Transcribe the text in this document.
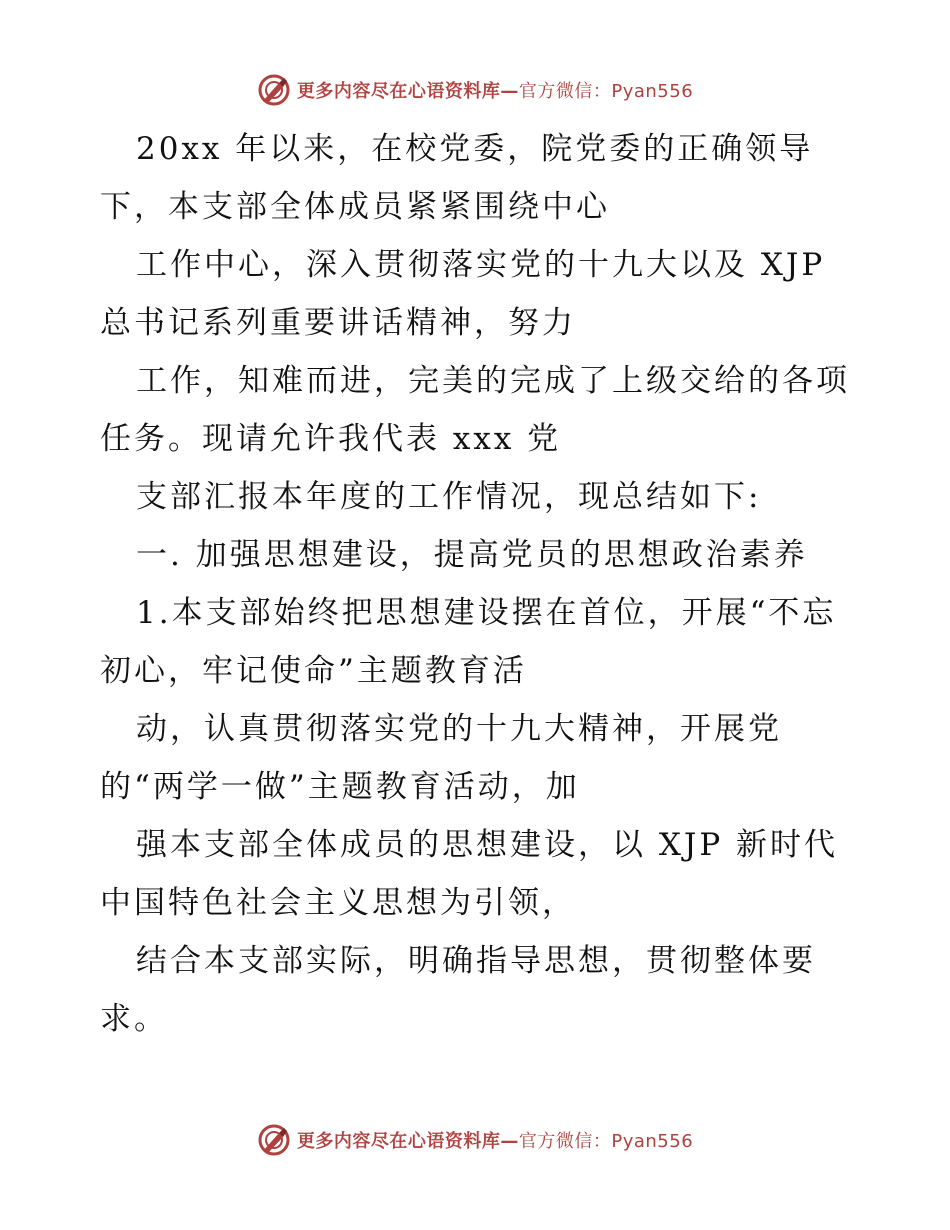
更多内容尽在心语资料库—官方微信：Pyan556
20xx 年以来，在校党委，院党委的正确领导
下，本支部全体成员紧紧围绕中心
工作中心，深入贯彻落实党的十九大以及 XJP
总书记系列重要讲话精神，努力
工作，知难而进，完美的完成了上级交给的各项
任务。现请允许我代表 xxx 党
支部汇报本年度的工作情况，现总结如下:
一. 加强思想建设，提高党员的思想政治素养
1.本支部始终把思想建设摆在首位，开展“不忘
初心，牢记使命”主题教育活
动，认真贯彻落实党的十九大精神，开展党
的“两学一做”主题教育活动，加
强本支部全体成员的思想建设，以 XJP 新时代
中国特色社会主义思想为引领，
结合本支部实际，明确指导思想，贯彻整体要
求。
更多内容尽在心语资料库—官方微信：Pyan556
